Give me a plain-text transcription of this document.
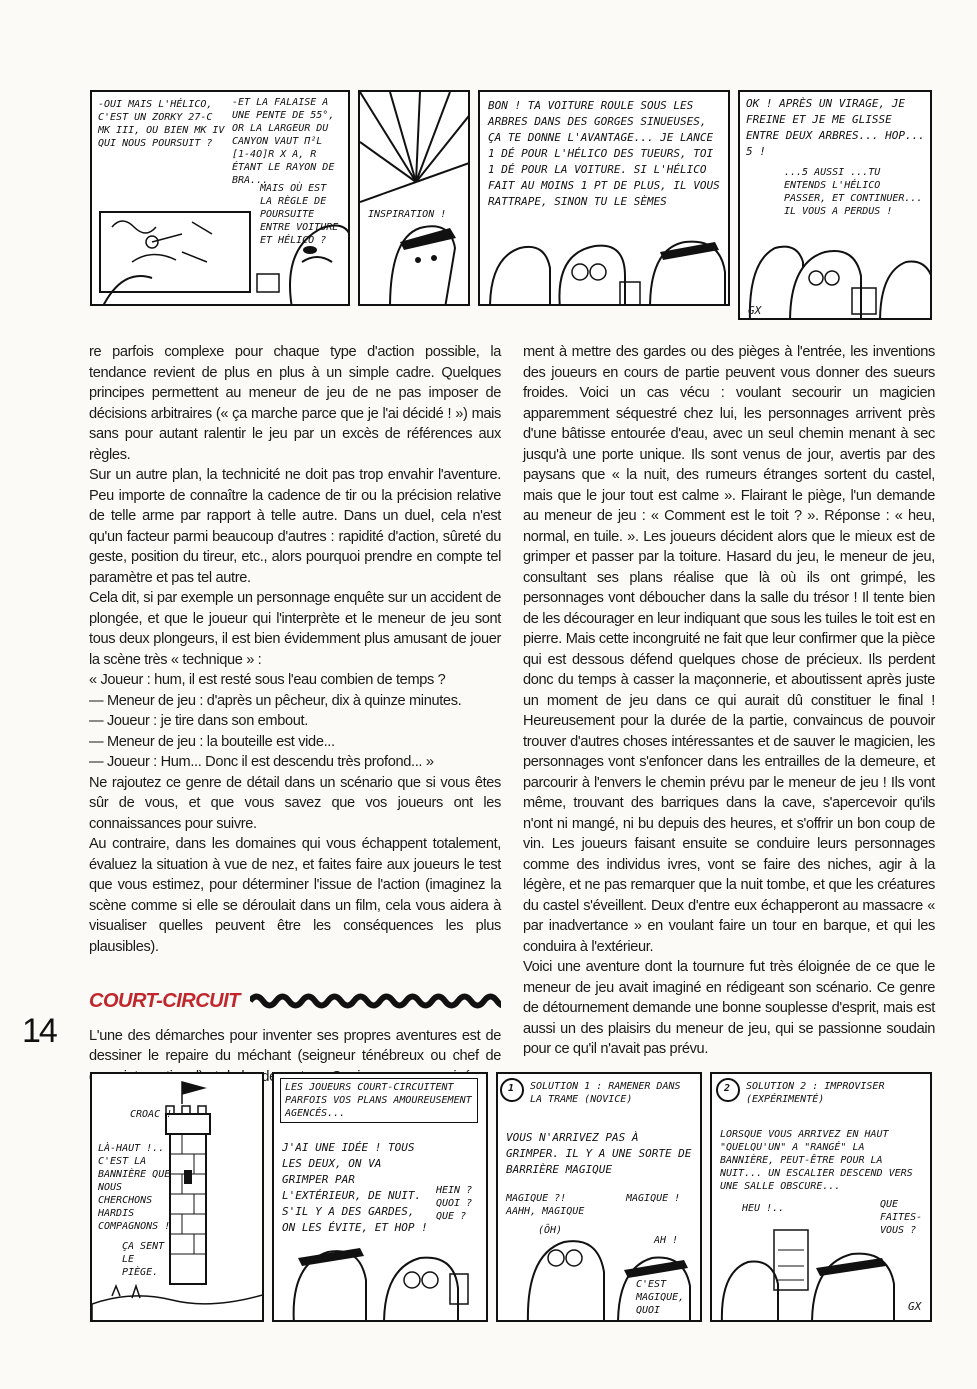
-OUI MAIS L'HÉLICO, C'EST UN ZORKY 27-C MK III, OU BIEN MK IV QUI NOUS POURSUIT ?
-ET LA FALAISE A UNE PENTE DE 55°, OR LA LARGEUR DU CANYON VAUT Π²L [1-4O]R X A, R ÉTANT LE RAYON DE BRA...
MAIS OÙ EST LA RÈGLE DE POURSUITE ENTRE VOITURE ET HÉLICO ?
INSPIRATION !
BON ! TA VOITURE ROULE SOUS LES ARBRES DANS DES GORGES SINUEUSES, ÇA TE DONNE L'AVANTAGE... JE LANCE 1 DÉ POUR L'HÉLICO DES TUEURS, TOI 1 DÉ POUR LA VOITURE. SI L'HÉLICO FAIT AU MOINS 1 PT DE PLUS, IL VOUS RATTRAPE, SINON TU LE SÈMES
OK ! APRÈS UN VIRAGE, JE FREINE ET JE ME GLISSE ENTRE DEUX ARBRES... HOP... 5 !
...5 AUSSI ...TU ENTENDS L'HÉLICO PASSER, ET CONTINUER... IL VOUS A PERDUS !
GX

re parfois complexe pour chaque type d'action possible, la tendance revient de plus en plus à un simple cadre. Quelques principes permettent au meneur de jeu de ne pas imposer de décisions arbitraires (« ça marche parce que je l'ai décidé ! ») mais sans pour autant ralentir le jeu par un excès de références aux règles.

Sur un autre plan, la technicité ne doit pas trop envahir l'aventure. Peu importe de connaître la cadence de tir ou la précision relative de telle arme par rapport à telle autre. Dans un duel, cela n'est qu'un facteur parmi beaucoup d'autres : rapidité d'action, sûreté du geste, position du tireur, etc., alors pourquoi prendre en compte tel paramètre et pas tel autre.

Cela dit, si par exemple un personnage enquête sur un accident de plongée, et que le joueur qui l'interprète et le meneur de jeu sont tous deux plongeurs, il est bien évidemment plus amusant de jouer la scène très « technique » :

« Joueur : hum, il est resté sous l'eau combien de temps ?

— Meneur de jeu : d'après un pêcheur, dix à quinze minutes.

— Joueur : je tire dans son embout.

— Meneur de jeu : la bouteille est vide...

— Joueur : Hum... Donc il est descendu très profond... »

Ne rajoutez ce genre de détail dans un scénario que si vous êtes sûr de vous, et que vous savez que vos joueurs ont les connaissances pour suivre.

Au contraire, dans les domaines qui vous échappent totalement, évaluez la situation à vue de nez, et faites faire aux joueurs le test que vous estimez, pour déterminer l'issue de l'action (imaginez la scène comme si elle se déroulait dans un film, cela vous aidera à visualiser quelles peuvent être les conséquences les plus plausibles).

COURT-CIRCUIT

L'une des démarches pour inventer ses propres aventures est de dessiner le repaire du méchant (seigneur ténébreux ou chef de

ment à mettre des gardes ou des pièges à l'entrée, les inventions des joueurs en cours de partie peuvent vous donner des sueurs froides. Voici un cas vécu : voulant secourir un magicien apparemment séquestré chez lui, les personnages arrivent près d'une bâtisse entourée d'eau, avec un seul chemin menant à sec jusqu'à une porte unique. Ils sont venus de jour, avertis par des paysans que « la nuit, des rumeurs étranges sortent du castel, mais que le jour tout est calme ». Flairant le piège, l'un demande au meneur de jeu : « Comment est le toit ? ». Réponse : « heu, normal, en tuile. ». Les joueurs décident alors que le mieux est de grimper et passer par la toiture. Hasard du jeu, le meneur de jeu, consultant ses plans réalise que là où ils ont grimpé, les personnages vont déboucher dans la salle du trésor ! Il tente bien de les décourager en leur indiquant que sous les tuiles le toit est en pierre. Mais cette incongruité ne fait que leur confirmer que la pièce qui est dessous défend quelques chose de précieux. Ils perdent donc du temps à casser la maçonnerie, et aboutissent après juste un moment de jeu dans ce qui aurait dû constituer le final ! Heureusement pour la durée de la partie, convaincus de pouvoir trouver d'autres choses intéressantes et de sauver le magicien, les personnages vont s'enfoncer dans les entrailles de la demeure, et parcourir à l'envers le chemin prévu par le meneur de jeu ! Ils vont même, trouvant des barriques dans la cave, s'apercevoir qu'ils n'ont ni mangé, ni bu depuis des heures, et s'offrir un bon coup de vin. Les joueurs faisant ensuite se conduire leurs personnages comme des individus ivres, vont se faire des niches, agir à la légère, et ne pas remarquer que la nuit tombe, et que les créatures du castel s'éveillent. Deux d'entre eux échapperont au massacre « par inadvertance » en voulant faire un tour en barque, et qui les conduira à l'extérieur.

Voici une aventure dont la tournure fut très éloignée de ce que le meneur de jeu avait imaginé en rédigeant son scénario. Ce genre de détournement demande une bonne souplesse d'esprit, mais est aussi un des plaisirs du meneur de jeu, qui se passionne soudain pour ce qu'il n'avait pas prévu.

14
CROAC !
LÀ-HAUT !.. C'EST LA BANNIÈRE QUE NOUS CHERCHONS HARDIS COMPAGNONS !
ÇA SENT LE PIÈGE.
LES JOUEURS COURT-CIRCUITENT PARFOIS VOS PLANS AMOUREUSEMENT AGENCÉS...
J'AI UNE IDÉE ! TOUS LES DEUX, ON VA GRIMPER PAR L'EXTÉRIEUR, DE NUIT. S'IL Y A DES GARDES, ON LES ÉVITE, ET HOP !
HEIN ? QUOI ? QUE ?
1 SOLUTION 1 : RAMENER DANS LA TRAME (NOVICE)
VOUS N'ARRIVEZ PAS À GRIMPER. IL Y A UNE SORTE DE BARRIÈRE MAGIQUE
MAGIQUE ?! AAHH, MAGIQUE
MAGIQUE !
(ÔH)
AH !
C'EST MAGIQUE, QUOI
2 SOLUTION 2 : IMPROVISER (EXPÉRIMENTÉ)
LORSQUE VOUS ARRIVEZ EN HAUT "QUELQU'UN" A "RANGÉ" LA BANNIÈRE, PEUT-ÊTRE POUR LA NUIT... UN ESCALIER DESCEND VERS UNE SALLE OBSCURE...
HEU !..	QUE FAITES-VOUS ?
GX
